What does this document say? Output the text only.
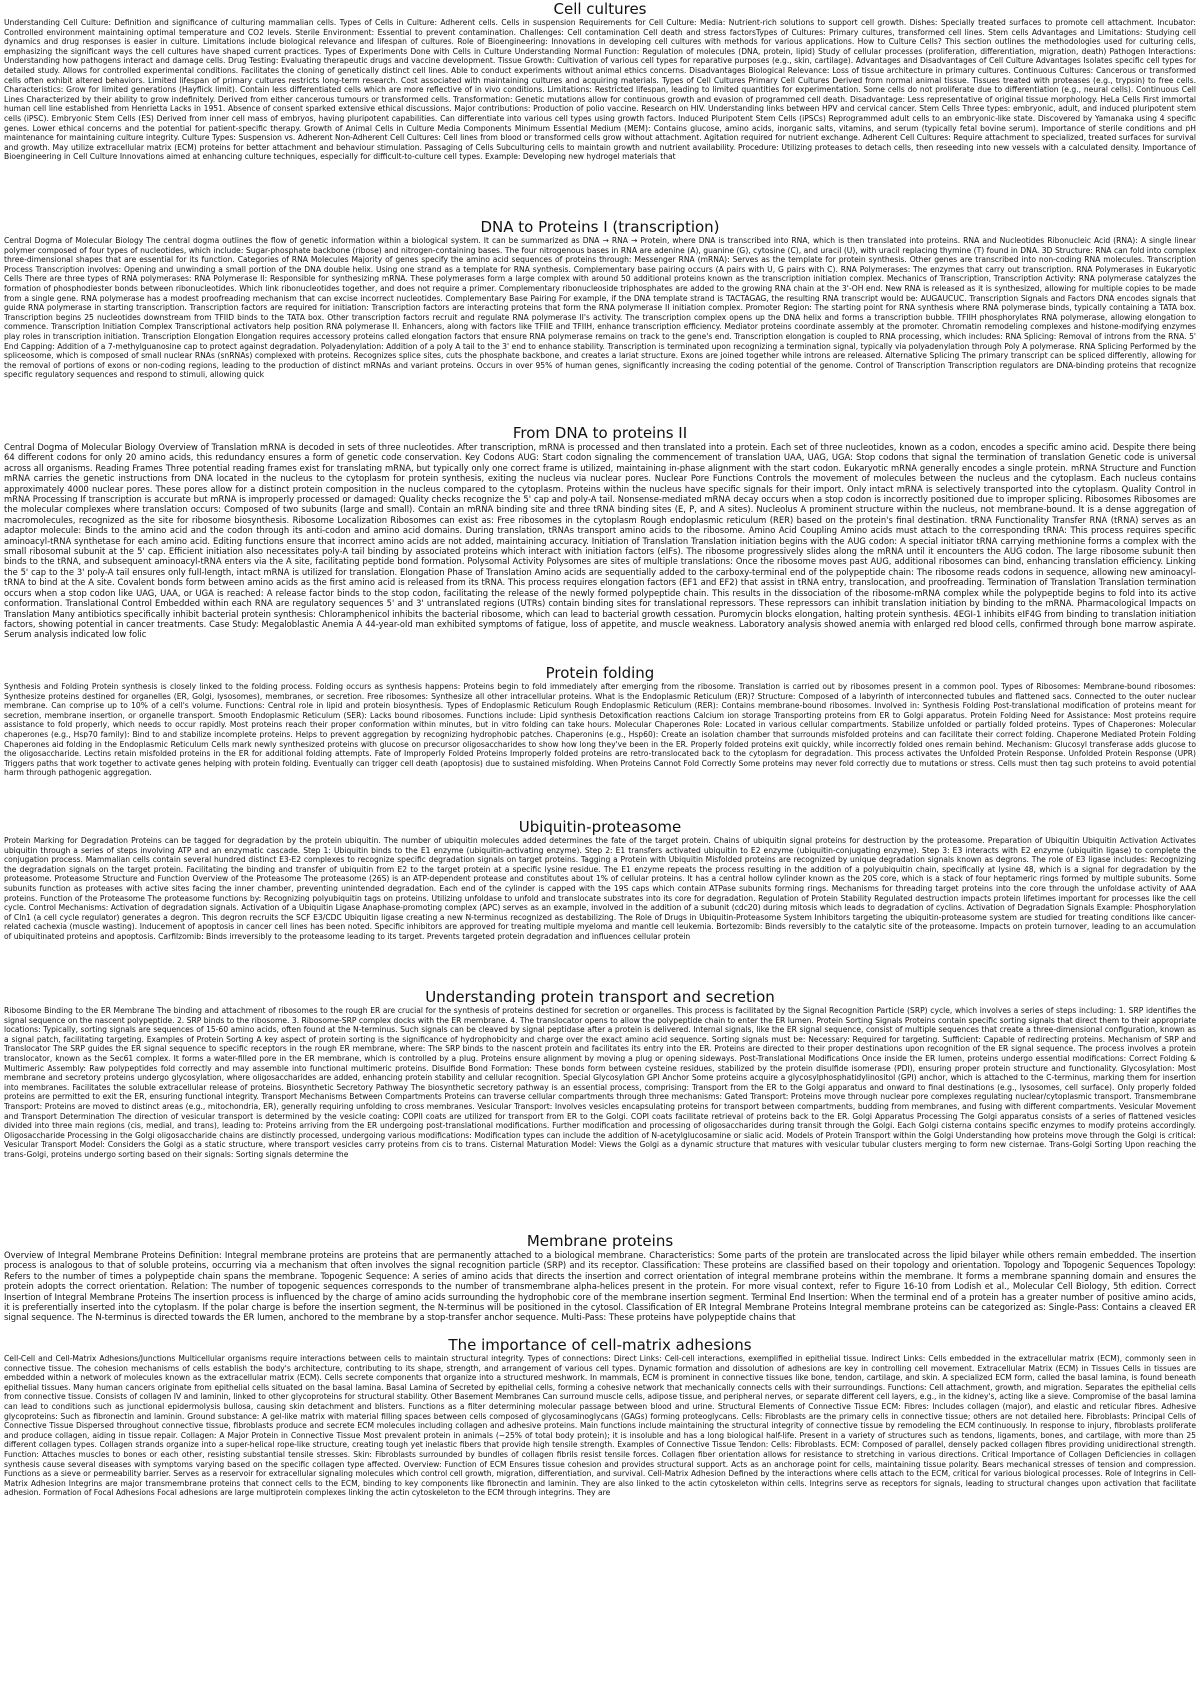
Cell cultures
Understanding Cell Culture: Definition and significance of culturing mammalian cells. Types of Cells in Culture: Adherent cells. Cells in suspension Requirements for Cell Culture: Media: Nutrient-rich solutions to support cell growth. Dishes: Specially treated surfaces to promote cell attachment. Incubator: Controlled environment maintaining optimal temperature and CO2 levels. Sterile Environment: Essential to prevent contamination. Challenges: Cell contamination Cell death and stress factorsTypes of Cultures: Primary cultures, transformed cell lines. Stem cells Advantages and Limitations: Studying cell dynamics and drug responses is easier in culture. Limitations include biological relevance and lifespan of cultures. Role of Bioengineering: Innovations in developing cell cultures with methods for various applications. How to Culture Cells? This section outlines the methodologies used for culturing cells, emphasizing the significant ways the cell cultures have shaped current practices. Types of Experiments Done with Cells in Culture Understanding Normal Function: Regulation of molecules (DNA, protein, lipid) Study of cellular processes (proliferation, differentiation, migration, death) Pathogen Interactions: Understanding how pathogens interact and damage cells. Drug Testing: Evaluating therapeutic drugs and vaccine development. Tissue Growth: Cultivation of various cell types for reparative purposes (e.g., skin, cartilage). Advantages and Disadvantages of Cell Culture Advantages Isolates specific cell types for detailed study. Allows for controlled experimental conditions. Facilitates the cloning of genetically distinct cell lines. Able to conduct experiments without animal ethics concerns. Disadvantages Biological Relevance: Loss of tissue architecture in primary cultures. Continuous Cultures: Cancerous or transformed cells often exhibit altered behaviors. Limited lifespan of primary cultures restricts long-term research. Cost associated with maintaining cultures and acquiring materials. Types of Cell Cultures Primary Cell Cultures Derived from normal animal tissue. Tissues treated with proteases (e.g., trypsin) to free cells. Characteristics: Grow for limited generations (Hayflick limit). Contain less differentiated cells which are more reflective of in vivo conditions. Limitations: Restricted lifespan, leading to limited quantities for experimentation. Some cells do not proliferate due to differentiation (e.g., neural cells). Continuous Cell Lines Characterized by their ability to grow indefinitely. Derived from either cancerous tumours or transformed cells. Transformation: Genetic mutations allow for continuous growth and evasion of programmed cell death. Disadvantage: Less representative of original tissue morphology. HeLa Cells First immortal human cell line established from Henrietta Lacks in 1951. Absence of consent sparked extensive ethical discussions. Major contributions: Production of polio vaccine. Research on HIV. Understanding links between HPV and cervical cancer. Stem Cells Three types: embryonic, adult, and induced pluripotent stem cells (iPSC). Embryonic Stem Cells (ES) Derived from inner cell mass of embryos, having pluripotent capabilities. Can differentiate into various cell types using growth factors. Induced Pluripotent Stem Cells (iPSCs) Reprogrammed adult cells to an embryonic-like state. Discovered by Yamanaka using 4 specific genes. Lower ethical concerns and the potential for patient-specific therapy. Growth of Animal Cells in Culture Media Components Minimum Essential Medium (MEM): Contains glucose, amino acids, inorganic salts, vitamins, and serum (typically fetal bovine serum). Importance of sterile conditions and pH maintenance for maintaining culture integrity. Culture Types: Suspension vs. Adherent Non-Adherent Cell Cultures: Cell lines from blood or transformed cells grow without attachment. Agitation required for nutrient exchange. Adherent Cell Cultures: Require attachment to specialized, treated surfaces for survival and growth. May utilize extracellular matrix (ECM) proteins for better attachment and behaviour stimulation. Passaging of Cells Subculturing cells to maintain growth and nutrient availability. Procedure: Utilizing proteases to detach cells, then reseeding into new vessels with a calculated density. Importance of Bioengineering in Cell Culture Innovations aimed at enhancing culture techniques, especially for difficult-to-culture cell types. Example: Developing new hydrogel materials that
DNA to Proteins I (transcription)
Central Dogma of Molecular Biology The central dogma outlines the flow of genetic information within a biological system. It can be summarized as DNA → RNA → Protein, where DNA is transcribed into RNA, which is then translated into proteins. RNA and Nucleotides Ribonucleic Acid (RNA): A single linear polymer composed of four types of nucleotides, which include: Sugar-phosphate backbone (ribose) and nitrogen-containing bases. The four nitrogenous bases in RNA are adenine (A), guanine (G), cytosine (C), and uracil (U), with uracil replacing thymine (T) found in DNA. 3D Structure: RNA can fold into complex three-dimensional shapes that are essential for its function. Categories of RNA Molecules Majority of genes specify the amino acid sequences of proteins through: Messenger RNA (mRNA): Serves as the template for protein synthesis. Other genes are transcribed into non-coding RNA molecules. Transcription Process Transcription involves: Opening and unwinding a small portion of the DNA double helix. Using one strand as a template for RNA synthesis. Complementary base pairing occurs (A pairs with U, G pairs with C). RNA Polymerases: The enzymes that carry out transcription. RNA Polymerases in Eukaryotic Cells There are three types of RNA polymerases: RNA Polymerase II: Responsible for synthesizing mRNA. These polymerases form a large complex with around 50 additional proteins known as the transcription initiation complex. Mechanics of Transcription, Transcription Activity: RNA polymerase catalyzes the formation of phosphodiester bonds between ribonucleotides. Which link ribonucleotides together, and does not require a primer. Complementary ribonucleoside triphosphates are added to the growing RNA chain at the 3'-OH end. New RNA is released as it is synthesized, allowing for multiple copies to be made from a single gene. RNA polymerase has a modest proofreading mechanism that can excise incorrect nucleotides. Complementary Base Pairing For example, if the DNA template strand is TACTAGAG, the resulting RNA transcript would be: AUGAUCUC. Transcription Signals and Factors DNA encodes signals that guide RNA polymerase in starting transcription. Transcription factors are required for initiation: Transcription factors are interacting proteins that form the RNA polymerase II initiation complex. Promoter Region: The starting point for RNA synthesis where RNA polymerase binds, typically containing a TATA box. Transcription begins 25 nucleotides downstream from TFIID binds to the TATA box. Other transcription factors recruit and regulate RNA polymerase II's activity. The transcription complex opens up the DNA helix and forms a transcription bubble. TFIIH phosphorylates RNA polymerase, allowing elongation to commence. Transcription Initiation Complex Transcriptional activators help position RNA polymerase II. Enhancers, along with factors like TFIIE and TFIIH, enhance transcription efficiency. Mediator proteins coordinate assembly at the promoter. Chromatin remodeling complexes and histone-modifying enzymes play roles in transcription initiation. Transcription Elongation Elongation requires accessory proteins called elongation factors that ensure RNA polymerase remains on track to the gene's end. Transcription elongation is coupled to RNA processing, which includes: RNA Splicing: Removal of introns from the RNA. 5' End Capping: Addition of a 7-methylguanosine cap to protect against degradation. Polyadenylation: Addition of a poly A tail to the 3' end to enhance stability. Transcription is terminated upon recognizing a termination signal, typically via polyadenylation through Poly A polymerase. RNA Splicing Performed by the spliceosome, which is composed of small nuclear RNAs (snRNAs) complexed with proteins. Recognizes splice sites, cuts the phosphate backbone, and creates a lariat structure. Exons are joined together while introns are released. Alternative Splicing The primary transcript can be spliced differently, allowing for the removal of portions of exons or non-coding regions, leading to the production of distinct mRNAs and variant proteins. Occurs in over 95% of human genes, significantly increasing the coding potential of the genome. Control of Transcription Transcription regulators are DNA-binding proteins that recognize specific regulatory sequences and respond to stimuli, allowing quick
From DNA to proteins II
Central Dogma of Molecular Biology Overview of Translation mRNA is decoded in sets of three nucleotides. After transcription, mRNA is processed and then translated into a protein. Each set of three nucleotides, known as a codon, encodes a specific amino acid. Despite there being 64 different codons for only 20 amino acids, this redundancy ensures a form of genetic code conservation. Key Codons AUG: Start codon signaling the commencement of translation UAA, UAG, UGA: Stop codons that signal the termination of translation Genetic code is universal across all organisms. Reading Frames Three potential reading frames exist for translating mRNA, but typically only one correct frame is utilized, maintaining in-phase alignment with the start codon. Eukaryotic mRNA generally encodes a single protein. mRNA Structure and Function mRNA carries the genetic instructions from DNA located in the nucleus to the cytoplasm for protein synthesis, exiting the nucleus via nuclear pores. Nuclear Pore Functions Controls the movement of molecules between the nucleus and the cytoplasm. Each nucleus contains approximately 4000 nuclear pores. These pores allow for a distinct protein composition in the nucleus compared to the cytoplasm. Proteins within the nucleus have specific signals for their import. Only intact mRNA is selectively transported into the cytoplasm. Quality Control in mRNA Processing If transcription is accurate but mRNA is improperly processed or damaged: Quality checks recognize the 5' cap and poly-A tail. Nonsense-mediated mRNA decay occurs when a stop codon is incorrectly positioned due to improper splicing. Ribosomes Ribosomes are the molecular complexes where translation occurs: Composed of two subunits (large and small). Contain an mRNA binding site and three tRNA binding sites (E, P, and A sites). Nucleolus A prominent structure within the nucleus, not membrane-bound. It is a dense aggregation of macromolecules, recognized as the site for ribosome biosynthesis. Ribosome Localization Ribosomes can exist as: Free ribosomes in the cytoplasm Rough endoplasmic reticulum (RER) based on the protein's final destination. tRNA Functionality Transfer RNA (tRNA) serves as an adaptor molecule: Binds to the amino acid and the codon through its anti-codon and amino acid domains. During translation, tRNAs transport amino acids to the ribosome. Amino Acid Coupling Amino acids must attach to the corresponding tRNA: This process requires specific aminoacyl-tRNA synthetase for each amino acid. Editing functions ensure that incorrect amino acids are not added, maintaining accuracy. Initiation of Translation Translation initiation begins with the AUG codon: A special initiator tRNA carrying methionine forms a complex with the small ribosomal subunit at the 5' cap. Efficient initiation also necessitates poly-A tail binding by associated proteins which interact with initiation factors (eIFs). The ribosome progressively slides along the mRNA until it encounters the AUG codon. The large ribosome subunit then binds to the tRNA, and subsequent aminoacyl-tRNA enters via the A site, facilitating peptide bond formation. Polysomal Activity Polysomes are sites of multiple translations: Once the ribosome moves past AUG, additional ribosomes can bind, enhancing translation efficiency. Linking the 5' cap to the 3' poly-A tail ensures only full-length, intact mRNA is utilized for translation. Elongation Phase of Translation Amino acids are sequentially added to the carboxy-terminal end of the polypeptide chain: The ribosome reads codons in sequence, allowing new aminoacyl-tRNA to bind at the A site. Covalent bonds form between amino acids as the first amino acid is released from its tRNA. This process requires elongation factors (EF1 and EF2) that assist in tRNA entry, translocation, and proofreading. Termination of Translation Translation termination occurs when a stop codon like UAG, UAA, or UGA is reached: A release factor binds to the stop codon, facilitating the release of the newly formed polypeptide chain. This results in the dissociation of the ribosome-mRNA complex while the polypeptide begins to fold into its active conformation. Translational Control Embedded within each RNA are regulatory sequences 5' and 3' untranslated regions (UTRs) contain binding sites for translational repressors. These repressors can inhibit translation initiation by binding to the mRNA. Pharmacological Impacts on Translation Many antibiotics specifically inhibit bacterial protein synthesis: Chloramphenicol inhibits the bacterial ribosome, which can lead to bacterial growth cessation. Puromycin blocks elongation, halting protein synthesis. 4EGI-1 inhibits eIF4G from binding to translation initiation factors, showing potential in cancer treatments. Case Study: Megaloblastic Anemia A 44-year-old man exhibited symptoms of fatigue, loss of appetite, and muscle weakness. Laboratory analysis showed anemia with enlarged red blood cells, confirmed through bone marrow aspirate. Serum analysis indicated low folic
Protein folding
Synthesis and Folding Protein synthesis is closely linked to the folding process. Folding occurs as synthesis happens: Proteins begin to fold immediately after emerging from the ribosome. Translation is carried out by ribosomes present in a common pool. Types of Ribosomes: Membrane-bound ribosomes: Synthesize proteins destined for organelles (ER, Golgi, lysosomes), membranes, or secretion. Free ribosomes: Synthesize all other intracellular proteins. What is the Endoplasmic Reticulum (ER)? Structure: Composed of a labyrinth of interconnected tubules and flattened sacs. Connected to the outer nuclear membrane. Can comprise up to 10% of a cell's volume. Functions: Central role in lipid and protein biosynthesis. Types of Endoplasmic Reticulum Rough Endoplasmic Reticulum (RER): Contains membrane-bound ribosomes. Involved in: Synthesis Folding Post-translational modification of proteins meant for secretion, membrane insertion, or organelle transport. Smooth Endoplasmic Reticulum (SER): Lacks bound ribosomes. Functions include: Lipid synthesis Detoxification reactions Calcium ion storage Transporting proteins from ER to Golgi apparatus. Protein Folding Need for Assistance: Most proteins require assistance to fold properly, which needs to occur rapidly. Most proteins reach their proper conformation within minutes, but in vitro folding can take hours. Molecular Chaperones Role: Located in various cellular compartments. Stabilize unfolded or partially folded proteins. Types of Chaperones: Molecular chaperones (e.g., Hsp70 family): Bind to and stabilize incomplete proteins. Helps to prevent aggregation by recognizing hydrophobic patches. Chaperonins (e.g., Hsp60): Create an isolation chamber that surrounds misfolded proteins and can facilitate their correct folding. Chaperone Mediated Protein Folding Chaperones aid folding in the Endoplasmic Reticulum Cells mark newly synthesized proteins with glucose on precursor oligosaccharides to show how long they've been in the ER. Properly folded proteins exit quickly, while incorrectly folded ones remain behind. Mechanism: Glucosyl transferase adds glucose to the oligosaccharide. Lectins retain misfolded proteins in the ER for additional folding attempts. Fate of Improperly Folded Proteins Improperly folded proteins are retro-translocated back to the cytoplasm for degradation. This process activates the Unfolded Protein Response. Unfolded Protein Response (UPR) Triggers paths that work together to activate genes helping with protein folding. Eventually can trigger cell death (apoptosis) due to sustained misfolding. When Proteins Cannot Fold Correctly Some proteins may never fold correctly due to mutations or stress. Cells must then tag such proteins to avoid potential harm through pathogenic aggregation.
Ubiquitin-proteasome
Protein Marking for Degradation Proteins can be tagged for degradation by the protein ubiquitin. The number of ubiquitin molecules added determines the fate of the target protein. Chains of ubiquitin signal proteins for destruction by the proteasome. Preparation of Ubiquitin Ubiquitin Activation Activates ubiquitin through a series of steps involving ATP and an enzymatic cascade. Step 1: Ubiquitin binds to the E1 enzyme (ubiquitin-activating enzyme). Step 2: E1 transfers activated ubiquitin to E2 enzyme (ubiquitin-conjugating enzyme). Step 3: E3 interacts with E2 enzyme (ubiquitin ligase) to complete the conjugation process. Mammalian cells contain several hundred distinct E3-E2 complexes to recognize specific degradation signals on target proteins. Tagging a Protein with Ubiquitin Misfolded proteins are recognized by unique degradation signals known as degrons. The role of E3 ligase includes: Recognizing the degradation signals on the target protein. Facilitating the binding and transfer of ubiquitin from E2 to the target protein at a specific lysine residue. The E1 enzyme repeats the process resulting in the addition of a polyubiquitin chain, specifically at lysine 48, which is a signal for degradation by the proteasome. Proteasome Structure and Function Overview of the Proteasome The proteasome (26S) is an ATP-dependent protease and constitutes about 1% of cellular proteins. It has a central hollow cylinder known as the 20S core, which is a stack of four heptameric rings formed by multiple subunits. Some subunits function as proteases with active sites facing the inner chamber, preventing unintended degradation. Each end of the cylinder is capped with the 19S caps which contain ATPase subunits forming rings. Mechanisms for threading target proteins into the core through the unfoldase activity of AAA proteins. Function of the Proteasome The proteasome functions by: Recognizing polyubiquitin tags on proteins. Utilizing unfoldase to unfold and translocate substrates into its core for degradation. Regulation of Protein Stability Regulated destruction impacts protein lifetimes important for processes like the cell cycle. Control Mechanisms: Activation of degradation signals. Activation of a Ubiquitin Ligase Anaphase-promoting complex (APC) serves as an example, involved in the addition of a subunit (cdc20) during mitosis which leads to degradation of cyclins. Activation of Degradation Signals Example: Phosphorylation of Cln1 (a cell cycle regulator) generates a degron. This degron recruits the SCF E3/CDC Ubiquitin ligase creating a new N-terminus recognized as destabilizing. The Role of Drugs in Ubiquitin-Proteasome System Inhibitors targeting the ubiquitin-proteasome system are studied for treating conditions like cancer-related cachexia (muscle wasting). Inducement of apoptosis in cancer cell lines has been noted. Specific inhibitors are approved for treating multiple myeloma and mantle cell leukemia. Bortezomib: Binds reversibly to the catalytic site of the proteasome. Impacts on protein turnover, leading to an accumulation of ubiquitinated proteins and apoptosis. Carfilzomib: Binds irreversibly to the proteasome leading to its target. Prevents targeted protein degradation and influences cellular protein
Understanding protein transport and secretion
Ribosome Binding to the ER Membrane The binding and attachment of ribosomes to the rough ER are crucial for the synthesis of proteins destined for secretion or organelles. This process is facilitated by the Signal Recognition Particle (SRP) cycle, which involves a series of steps including: 1. SRP identifies the signal sequence on the nascent polypeptide. 2. SRP binds to the ribosome. 3. Ribosome-SRP complex docks with the ER membrane. 4. The translocator opens to allow the polypeptide chain to enter the ER lumen. Protein Sorting Signals Proteins contain specific sorting signals that direct them to their appropriate locations: Typically, sorting signals are sequences of 15-60 amino acids, often found at the N-terminus. Such signals can be cleaved by signal peptidase after a protein is delivered. Internal signals, like the ER signal sequence, consist of multiple sequences that create a three-dimensional configuration, known as a signal patch, facilitating targeting. Examples of Protein Sorting A key aspect of protein sorting is the significance of hydrophobicity and charge over the exact amino acid sequence. Sorting signals must be: Necessary: Required for targeting. Sufficient: Capable of redirecting proteins. Mechanism of SRP and Translocator The SRP guides the ER signal sequence to specific receptors in the rough ER membrane, where: The SRP binds to the nascent protein and facilitates its entry into the ER. Proteins are directed to their proper destinations upon recognition of the ER signal sequence. The process involves a protein translocator, known as the Sec61 complex. It forms a water-filled pore in the ER membrane, which is controlled by a plug. Proteins ensure alignment by moving a plug or opening sideways. Post-Translational Modifications Once inside the ER lumen, proteins undergo essential modifications: Correct Folding & Multimeric Assembly: Raw polypeptides fold correctly and may assemble into functional multimeric proteins. Disulfide Bond Formation: These bonds form between cysteine residues, stabilized by the protein disulfide isomerase (PDI), ensuring proper protein structure and functionality. Glycosylation: Most membrane and secretory proteins undergo glycosylation, where oligosaccharides are added, enhancing protein stability and cellular recognition. Special Glycosylation GPI Anchor Some proteins acquire a glycosylphosphatidylinositol (GPI) anchor, which is attached to the C-terminus, marking them for insertion into membranes. Facilitates the soluble extracellular release of proteins. Biosynthetic Secretory Pathway The biosynthetic secretory pathway is an essential process, comprising: Transport from the ER to the Golgi apparatus and onward to final destinations (e.g., lysosomes, cell surface). Only properly folded proteins are permitted to exit the ER, ensuring functional integrity. Transport Mechanisms Between Compartments Proteins can traverse cellular compartments through three mechanisms: Gated Transport: Proteins move through nuclear pore complexes regulating nuclear/cytoplasmic transport. Transmembrane Transport: Proteins are moved to distinct areas (e.g., mitochondria, ER), generally requiring unfolding to cross membranes. Vesicular Transport: Involves vesicles encapsulating proteins for transport between compartments, budding from membranes, and fusing with different compartments. Vesicular Movement and Transport Determination The direction of vesicular transport is determined by the vesicle coating: COPII coats are utilized for transport from ER to the Golgi. COPI coats facilitate retrieval of proteins back to the ER. Golgi Apparatus Processing The Golgi apparatus consists of a series of flattened vesicles divided into three main regions (cis, medial, and trans), leading to: Proteins arriving from the ER undergoing post-translational modifications. Further modification and processing of oligosaccharides during transit through the Golgi. Each Golgi cisterna contains specific enzymes to modify proteins accordingly. Oligosaccharide Processing in the Golgi oligosaccharide chains are distinctly processed, undergoing various modifications: Modification types can include the addition of N-acetylglucosamine or sialic acid. Models of Protein Transport within the Golgi Understanding how proteins move through the Golgi is critical: Vesicular Transport Model: Considers the Golgi as a static structure, where transport vesicles carry proteins from cis to trans. Cisternal Maturation Model: Views the Golgi as a dynamic structure that matures with vesicular tubular clusters merging to form new cisternae. Trans-Golgi Sorting Upon reaching the trans-Golgi, proteins undergo sorting based on their signals: Sorting signals determine the
Membrane proteins
Overview of Integral Membrane Proteins Definition: Integral membrane proteins are proteins that are permanently attached to a biological membrane. Characteristics: Some parts of the protein are translocated across the lipid bilayer while others remain embedded. The insertion process is analogous to that of soluble proteins, occurring via a mechanism that often involves the signal recognition particle (SRP) and its receptor. Classification: These proteins are classified based on their topology and orientation. Topology and Topogenic Sequences Topology: Refers to the number of times a polypeptide chain spans the membrane. Topogenic Sequence: A series of amino acids that directs the insertion and correct orientation of integral membrane proteins within the membrane. It forms a membrane spanning domain and ensures the protein adopts the correct orientation. Relation: The number of topogenic sequences corresponds to the number of transmembrane alpha-helices present in the protein. For more visual context, refer to Figure 16-10 from Lodish et al., Molecular Cell Biology, 5th edition. Correct Insertion of Integral Membrane Proteins The insertion process is influenced by the charge of amino acids surrounding the hydrophobic core of the membrane insertion segment. Terminal End Insertion: When the terminal end of a protein has a greater number of positive amino acids, it is preferentially inserted into the cytoplasm. If the polar charge is before the insertion segment, the N-terminus will be positioned in the cytosol. Classification of ER Integral Membrane Proteins Integral membrane proteins can be categorized as: Single-Pass: Contains a cleaved ER signal sequence. The N-terminus is directed towards the ER lumen, anchored to the membrane by a stop-transfer anchor sequence. Multi-Pass: These proteins have polypeptide chains that
The importance of cell-matrix adhesions
Cell-Cell and Cell-Matrix Adhesions/Junctions Multicellular organisms require interactions between cells to maintain structural integrity. Types of connections: Direct Links: Cell-cell interactions, exemplified in epithelial tissue. Indirect Links: Cells embedded in the extracellular matrix (ECM), commonly seen in connective tissue. The cohesion mechanisms of cells establish the body's architecture, contributing to its shape, strength, and arrangement of various cell types. Dynamic formation and dissolution of adhesions are key in controlling cell movement. Extracellular Matrix (ECM) in Tissues Cells in tissues are embedded within a network of molecules known as the extracellular matrix (ECM). Cells secrete components that organize into a structured meshwork. In mammals, ECM is prominent in connective tissues like bone, tendon, cartilage, and skin. A specialized ECM form, called the basal lamina, is found beneath epithelial tissues. Many human cancers originate from epithelial cells situated on the basal lamina. Basal Lamina of Secreted by epithelial cells, forming a cohesive network that mechanically connects cells with their surroundings. Functions: Cell attachment, growth, and migration. Separates the epithelial cells from connective tissue. Consists of collagen IV and laminin, linked to other glycoproteins for structural stability. Other Basement Membranes Can surround muscle cells, adipose tissue, and peripheral nerves, or separate different cell layers, e.g., in the kidney's, acting like a sieve. Compromise of the basal lamina can lead to conditions such as junctional epidermolysis bullosa, causing skin detachment and blisters. Functions as a filter determining molecular passage between blood and urine. Structural Elements of Connective Tissue ECM: Fibres: Includes collagen (major), and elastic and reticular fibres. Adhesive glycoproteins: Such as fibronectin and laminin. Ground substance: A gel-like matrix with material filling spaces between cells composed of glycosaminoglycans (GAGs) forming proteoglycans. Cells: Fibroblasts are the primary cells in connective tissue; others are not detailed here. Fibroblasts: Principal Cells of Connective Tissue Dispersed throughout connective tissue, fibroblasts produce and secrete ECM molecules including collagen and adhesive proteins. Main functions include maintaining the structural integrity of connective tissue by remodeling the ECM continuously. In response to injury, fibroblasts proliferate and produce collagen, aiding in tissue repair. Collagen: A Major Protein in Connective Tissue Most prevalent protein in animals (~25% of total body protein); it is insoluble and has a long biological half-life. Present in a variety of structures such as tendons, ligaments, bones, and cartilage, with more than 25 different collagen types. Collagen strands organize into a super-helical rope-like structure, creating tough yet inelastic fibers that provide high tensile strength. Examples of Connective Tissue Tendon: Cells: Fibroblasts. ECM: Composed of parallel, densely packed collagen fibres providing unidirectional strength. Function: Attaches muscles to bones or each other, resisting substantial tensile stresses. Skin: Fibroblasts surrounded by bundles of collagen fibrils resist tensile forces. Collagen fiber orientation allows for resistance to stretching in various directions. Critical Importance of Collagen Deficiencies in collagen synthesis cause several diseases with symptoms varying based on the specific collagen type affected. Overview: Function of ECM Ensures tissue cohesion and provides structural support. Acts as an anchorage point for cells, maintaining tissue polarity. Bears mechanical stresses of tension and compression. Functions as a sieve or permeability barrier. Serves as a reservoir for extracellular signaling molecules which control cell growth, migration, differentiation, and survival. Cell-Matrix Adhesion Defined by the interactions where cells attach to the ECM, critical for various biological processes. Role of Integrins in Cell-Matrix Adhesion Integrins are major transmembrane proteins that connect cells to the ECM, binding to key components like fibronectin and laminin. They are also linked to the actin cytoskeleton within cells. Integrins serve as receptors for signals, leading to structural changes upon activation that facilitate adhesion. Formation of Focal Adhesions Focal adhesions are large multiprotein complexes linking the actin cytoskeleton to the ECM through integrins. They are
